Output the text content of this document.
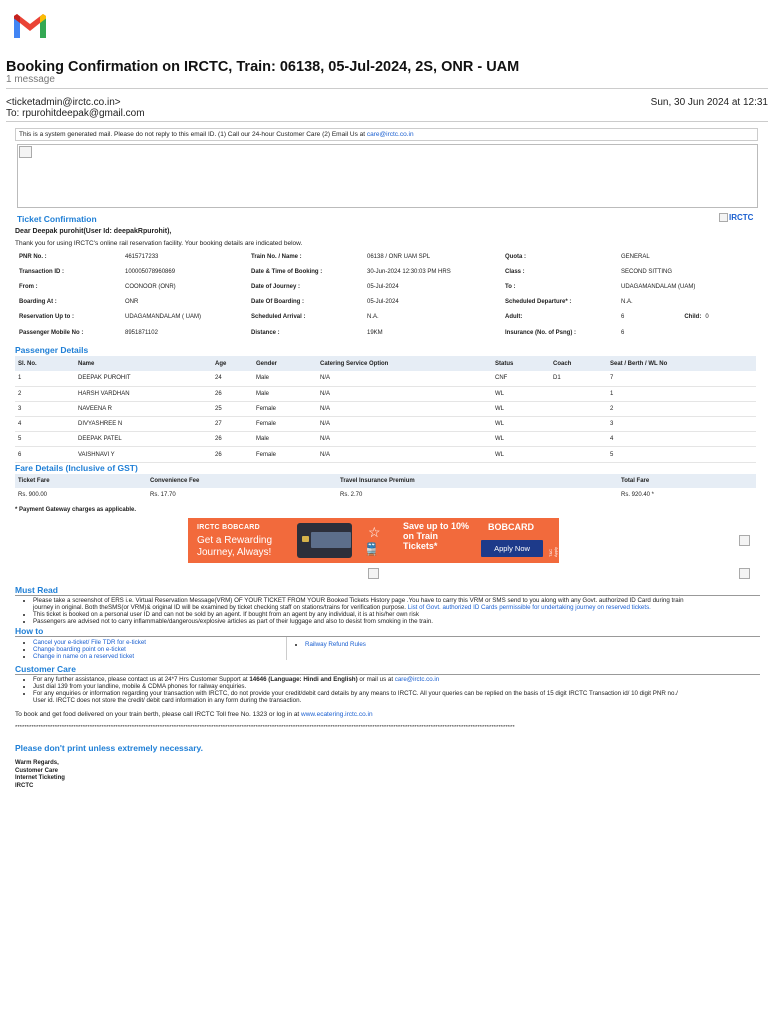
Booking Confirmation on IRCTC, Train: 06138, 05-Jul-2024, 2S, ONR - UAM
1 message
<ticketadmin@irctc.co.in>
To: rpurohitdeepak@gmail.com
Sun, 30 Jun 2024 at 12:31
This is a system generated mail. Please do not reply to this email ID. (1) Call our 24-hour Customer Care (2) Email Us at care@irctc.co.in
Ticket Confirmation	IRCTC
Dear Deepak purohit(User Id: deepakRpurohit),
Thank you for using IRCTC's online rail reservation facility. Your booking details are indicated below.
PNR No. :	4615717233	Train No. / Name :	06138 / ONR UAM SPL	Quota :	GENERAL
Transaction ID :	100005078960869	Date & Time of Booking :	30-Jun-2024 12:30:03 PM HRS	Class :	SECOND SITTING
From :	COONOOR (ONR)	Date of Journey :	05-Jul-2024	To :	UDAGAMANDALAM (UAM)
Boarding At :	ONR	Date Of Boarding :	05-Jul-2024	Scheduled Departure* :	N.A.
Reservation Up to :	UDAGAMANDALAM ( UAM)	Scheduled Arrival :	N.A.	Adult:	6 Child: 0
Passenger Mobile No :	8951871102	Distance :	19KM	Insurance (No. of Psng) :	6
Passenger Details
Sl. No.	Name	Age	Gender	Catering Service Option	Status	Coach	Seat / Berth / WL No
1	DEEPAK PUROHIT	24	Male	N/A	CNF	D1	7
2	HARSH VARDHAN	26	Male	N/A	WL		1
3	NAVEENA R	25	Female	N/A	WL		2
4	DIVYASHREE N	27	Female	N/A	WL		3
5	DEEPAK PATEL	26	Male	N/A	WL		4
6	VAISHNAVI Y	26	Female	N/A	WL		5
Fare Details (Inclusive of GST)
Ticket Fare	Convenience Fee	Travel Insurance Premium	Total Fare
Rs. 900.00	Rs. 17.70	Rs. 2.70	Rs. 920.40 *
* Payment Gateway charges as applicable.
IRCTC BOBCARD
Get a Rewarding Journey, Always!
☆
🚆
Save up to 10% on Train Tickets*
BOBCARD
Apply Now	T&C Apply
Must Read
• Please take a screenshot of ERS i.e. Virtual Reservation Message(VRM) OF YOUR TICKET FROM YOUR Booked Tickets History page .You have to carry this VRM or SMS send to you along with any Govt. authorized ID Card during train
journey in original. Both theSMS(or VRM)& original ID will be examined by ticket checking staff on stations/trains for verification purpose. List of Govt. authorized ID Cards permissible for undertaking journey on reserved tickets.
• This ticket is booked on a personal user ID and can not be sold by an agent. If bought from an agent by any individual, it is at his/her own risk
• Passengers are advised not to carry inflammable/dangerous/explosive articles as part of their luggage and also to desist from smoking in the train.
How to
• Cancel your e-ticket/ File TDR for e-ticket
• Change boarding point on e-ticket
• Change in name on a reserved ticket
• Railway Refund Rules
Customer Care
• For any further assistance, please contact us at 24*7 Hrs Customer Support at 14646 (Language: Hindi and English) or mail us at care@irctc.co.in
• Just dial 139 from your landline, mobile & CDMA phones for railway enquiries.
• For any enquiries or information regarding your transaction with IRCTC, do not provide your credit/debit card details by any means to IRCTC. All your queries can be replied on the basis of 15 digit IRCTC Transaction id/ 10 digit PNR no./
User id. IRCTC does not store the credit/ debit card information in any form during the transaction.
To book and get food delivered on your train berth, please call IRCTC Toll free No. 1323 or log in at www.ecatering.irctc.co.in
**********************************************************************************************************************************************************************************************************************
Please don't print unless extremely necessary.
Warm Regards,
Customer Care
Internet Ticketing
IRCTC
